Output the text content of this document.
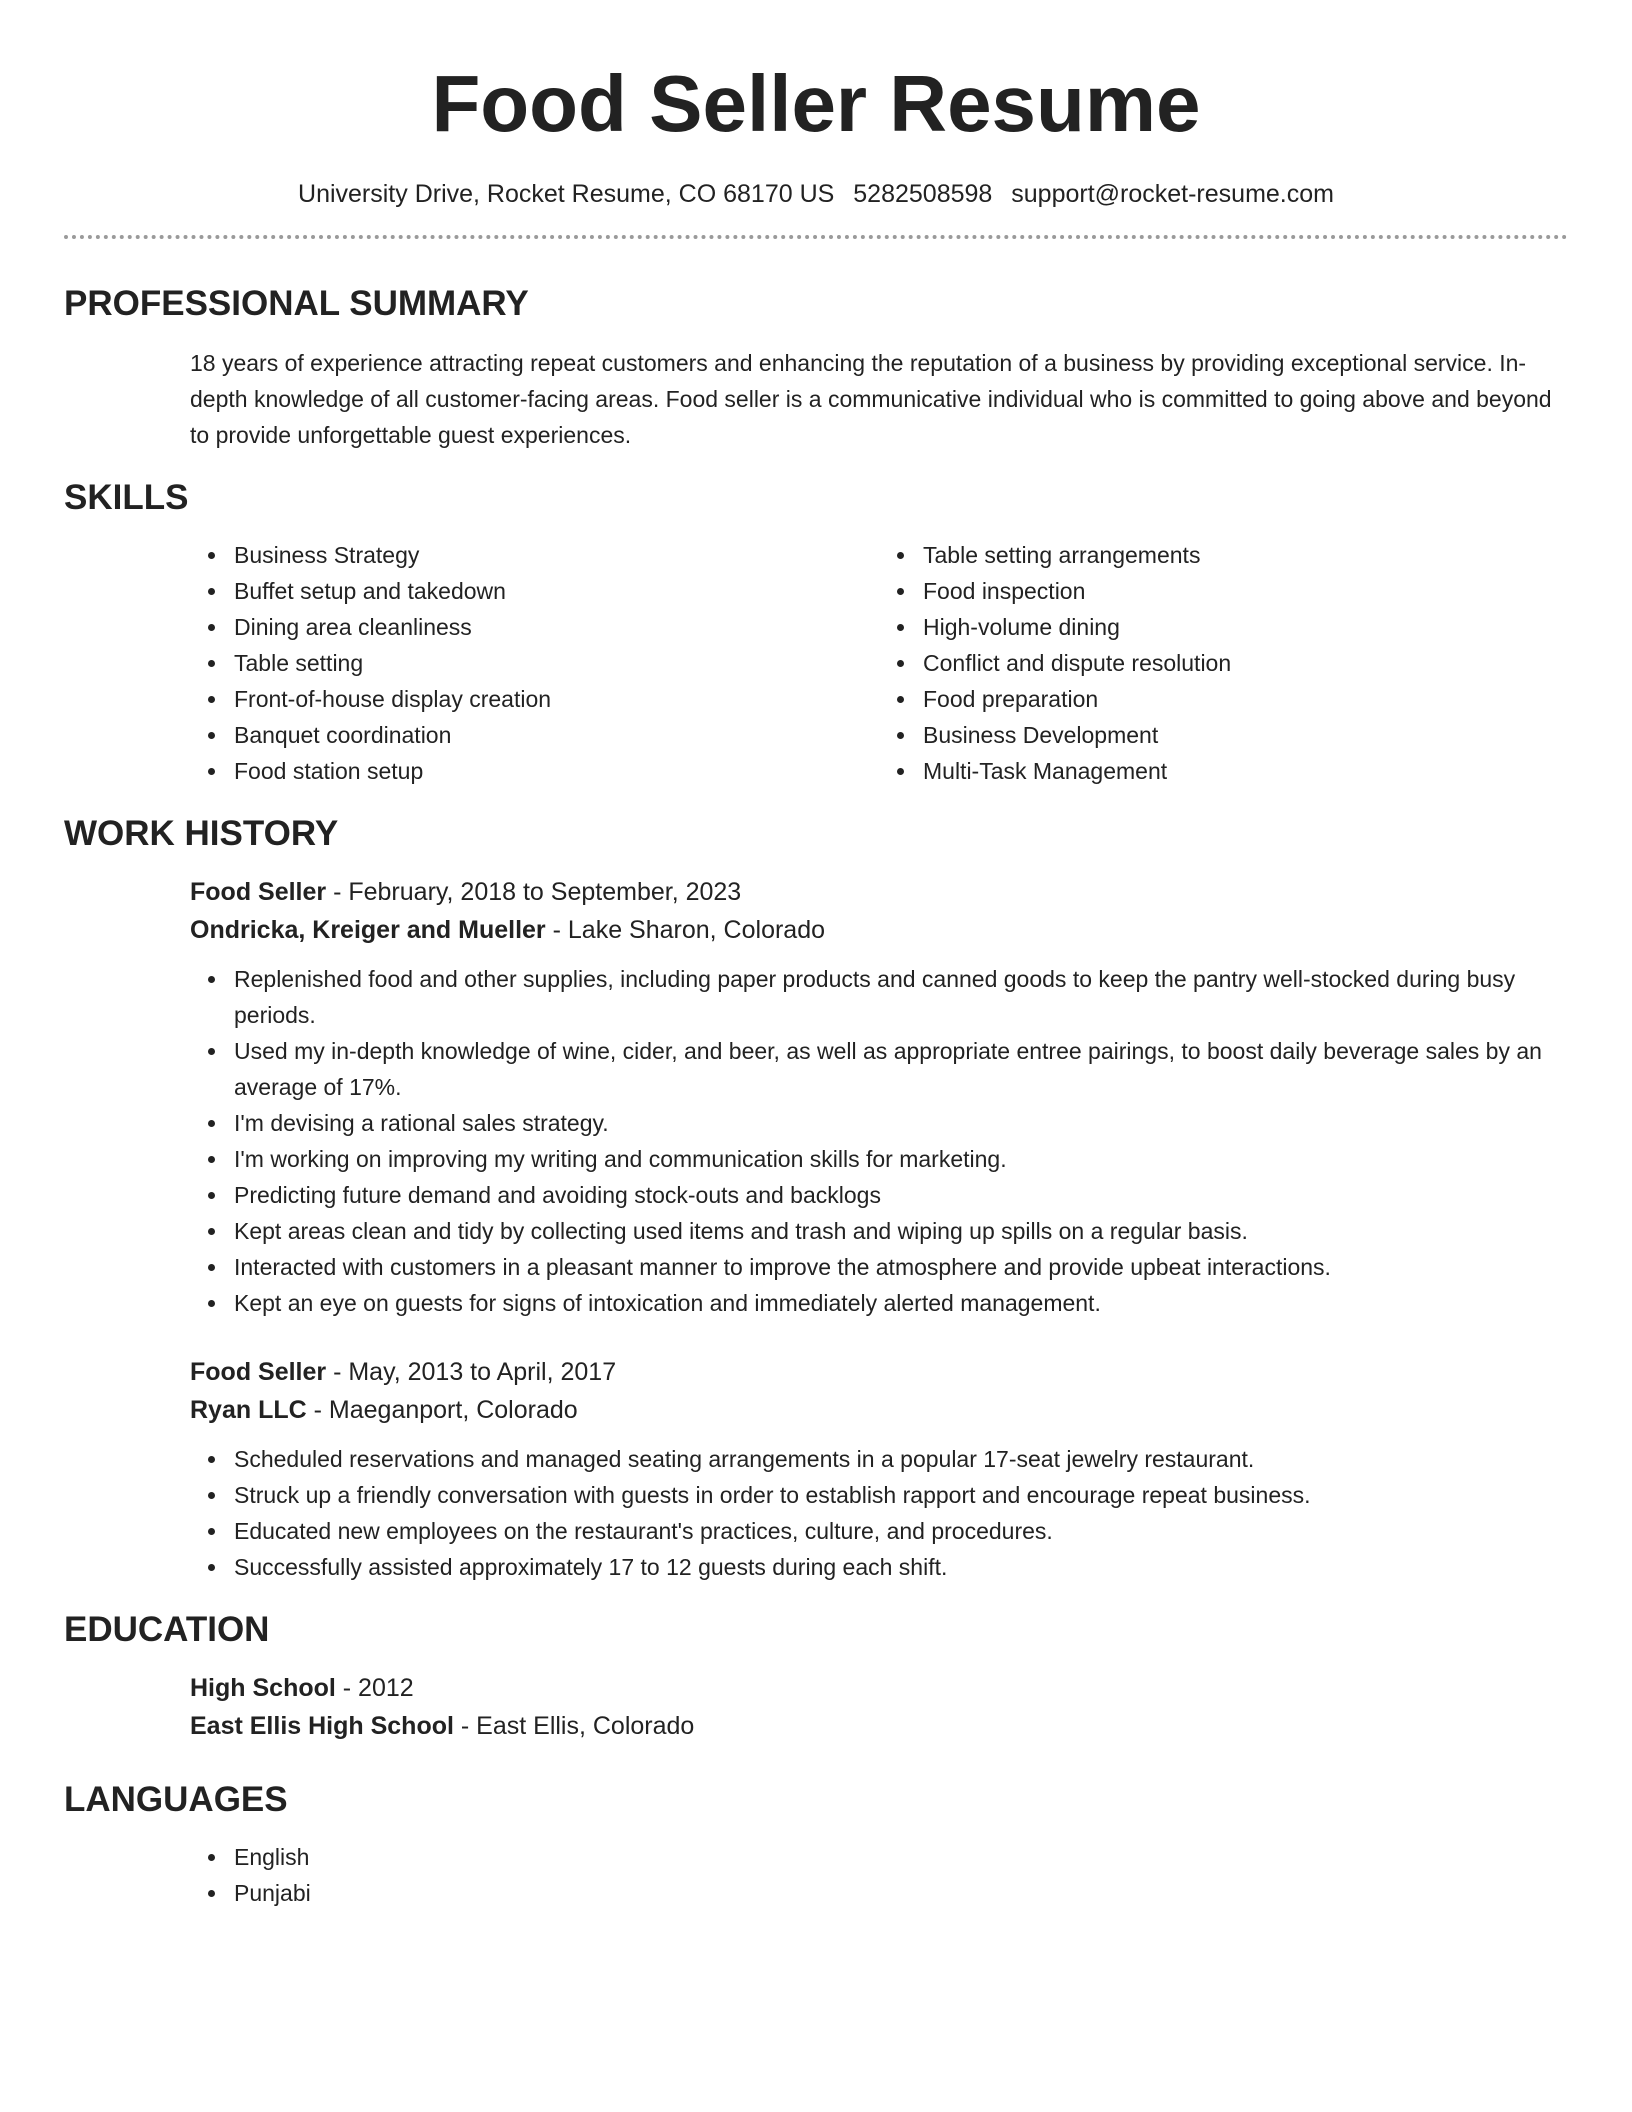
Food Seller Resume
University Drive, Rocket Resume, CO 68170 US 5282508598 support@rocket-resume.com
PROFESSIONAL SUMMARY

18 years of experience attracting repeat customers and enhancing the reputation of a business by providing exceptional service. In-depth knowledge of all customer-facing areas. Food seller is a communicative individual who is committed to going above and beyond to provide unforgettable guest experiences.

SKILLS
Business Strategy
Buffet setup and takedown
Dining area cleanliness
Table setting
Front-of-house display creation
Banquet coordination
Food station setup
Table setting arrangements
Food inspection
High-volume dining
Conflict and dispute resolution
Food preparation
Business Development
Multi-Task Management
WORK HISTORY
Food Seller - February, 2018 to September, 2023
Ondricka, Kreiger and Mueller - Lake Sharon, Colorado
Replenished food and other supplies, including paper products and canned goods to keep the pantry well-stocked during busy periods.
Used my in-depth knowledge of wine, cider, and beer, as well as appropriate entree pairings, to boost daily beverage sales by an average of 17%.
I'm devising a rational sales strategy.
I'm working on improving my writing and communication skills for marketing.
Predicting future demand and avoiding stock-outs and backlogs
Kept areas clean and tidy by collecting used items and trash and wiping up spills on a regular basis.
Interacted with customers in a pleasant manner to improve the atmosphere and provide upbeat interactions.
Kept an eye on guests for signs of intoxication and immediately alerted management.
Food Seller - May, 2013 to April, 2017
Ryan LLC - Maeganport, Colorado
Scheduled reservations and managed seating arrangements in a popular 17-seat jewelry restaurant.
Struck up a friendly conversation with guests in order to establish rapport and encourage repeat business.
Educated new employees on the restaurant's practices, culture, and procedures.
Successfully assisted approximately 17 to 12 guests during each shift.
EDUCATION
High School - 2012
East Ellis High School - East Ellis, Colorado
LANGUAGES
English
Punjabi
